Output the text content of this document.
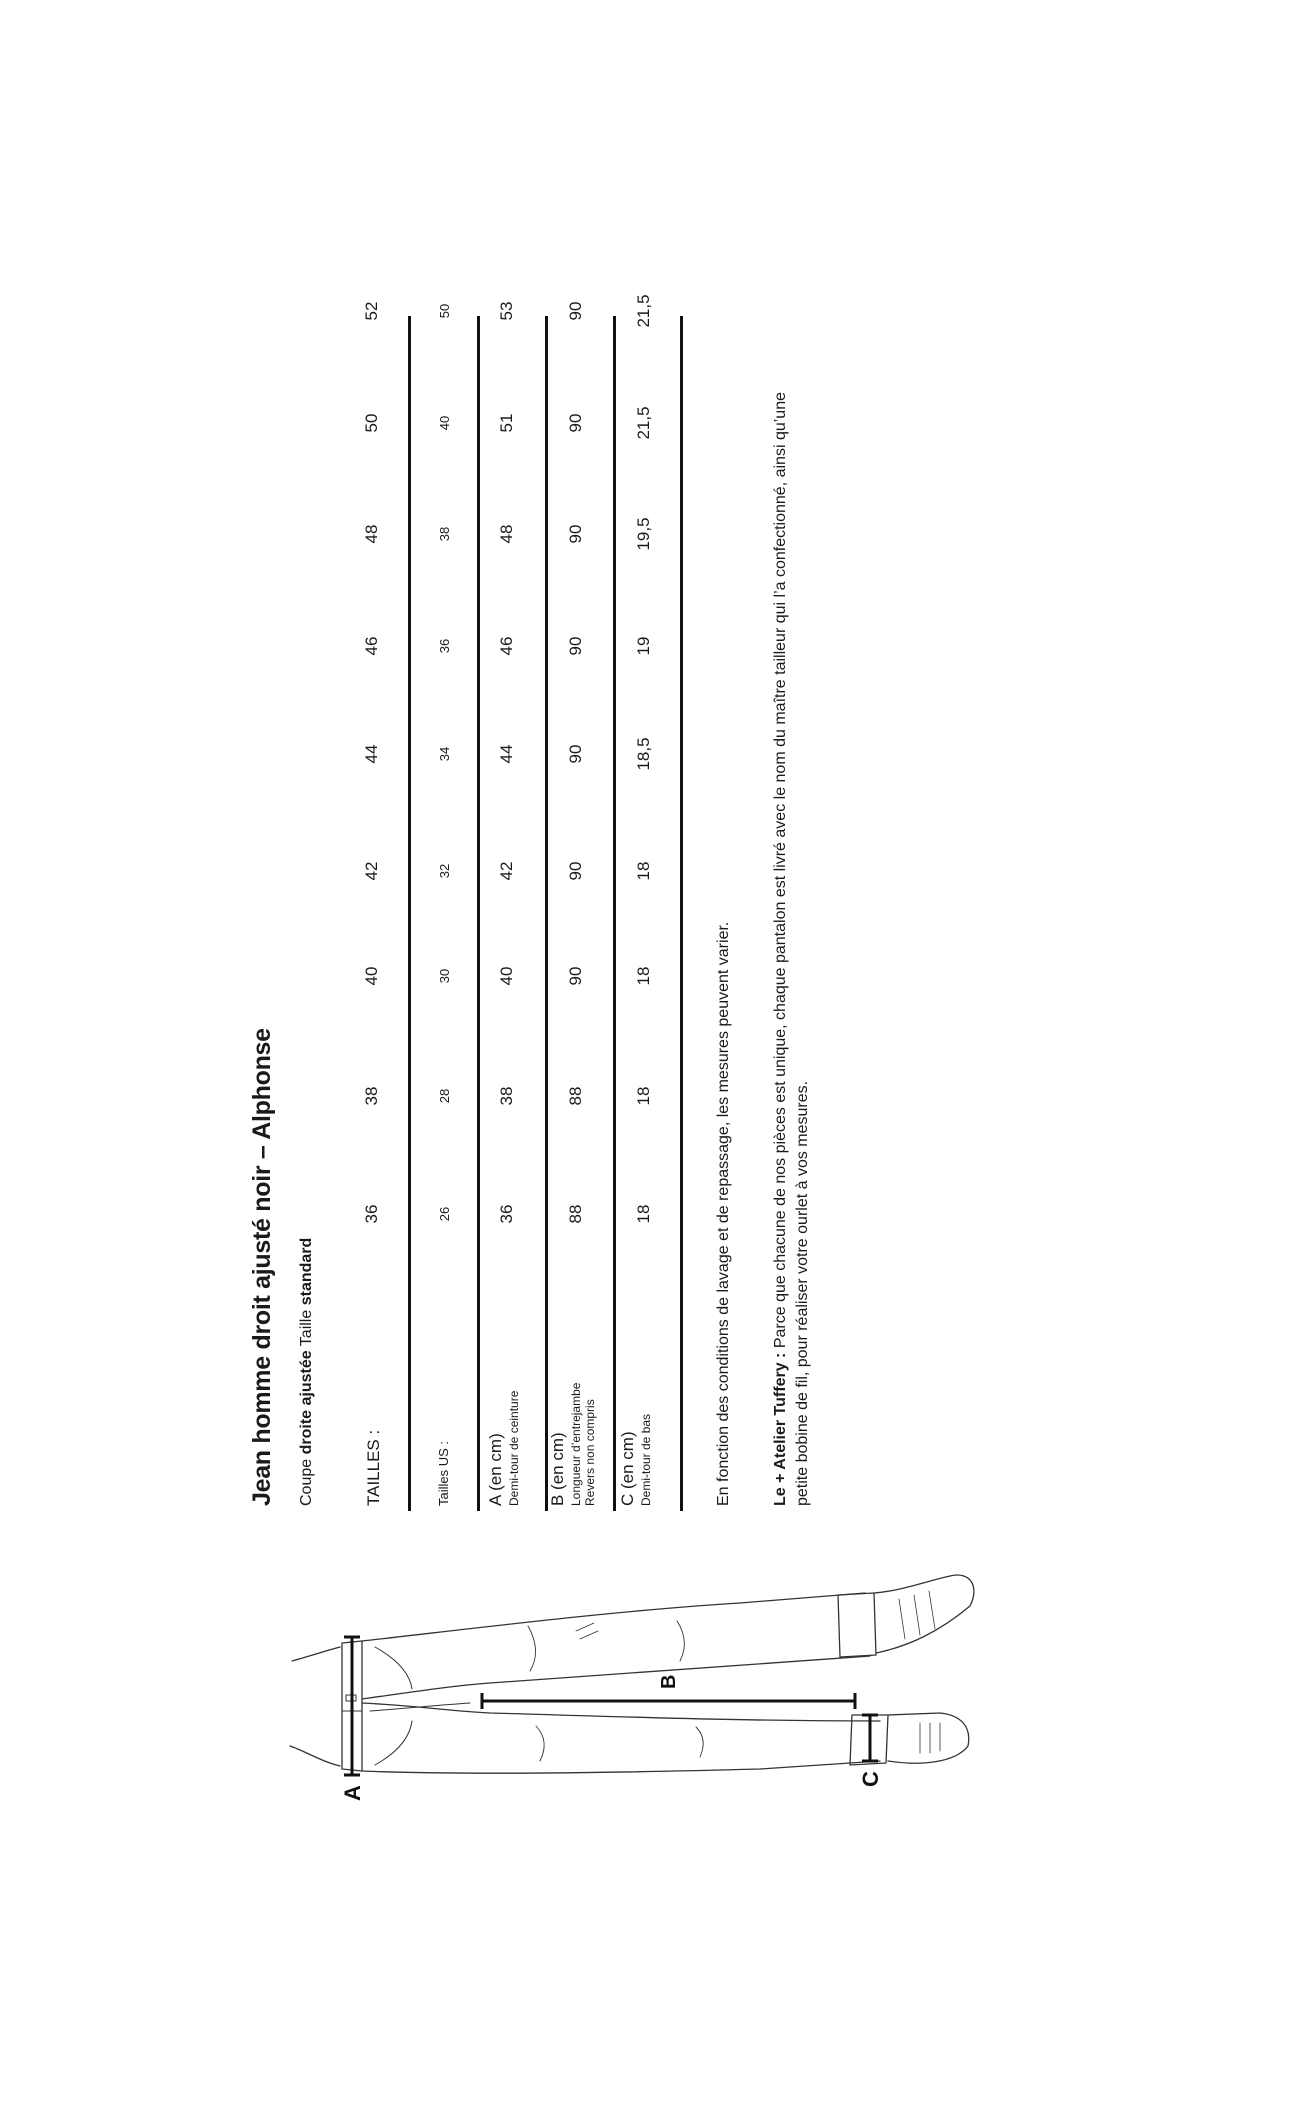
Jean homme droit ajusté noir – Alphonse Coupe droite ajustée Taille standard
TAILLES :	Tailles US : A (en cm) Demi-tour de ceinture B (en cm) Longueur d’entrejambe Revers non compris C (en cm) Demi-tour de bas
36
38
40
42
44
46
48
50
52
26
28
30
32
34
36
38
40
50
36
38
40
42
44
46
48
51
53
88
88
90
90
90
90
90
90
90
18
18
18
18
18,5
19
19,5
21,5
21,5
En fonction des conditions de lavage et de repassage, les mesures peuvent varier.	Le + Atelier Tuffery : Parce que chacune de nos pièces est unique, chaque pantalon est livré avec le nom du maître tailleur qui l’a confectionné, ainsi qu’une petite bobine de fil, pour réaliser votre ourlet à vos mesures.
A
B
C
